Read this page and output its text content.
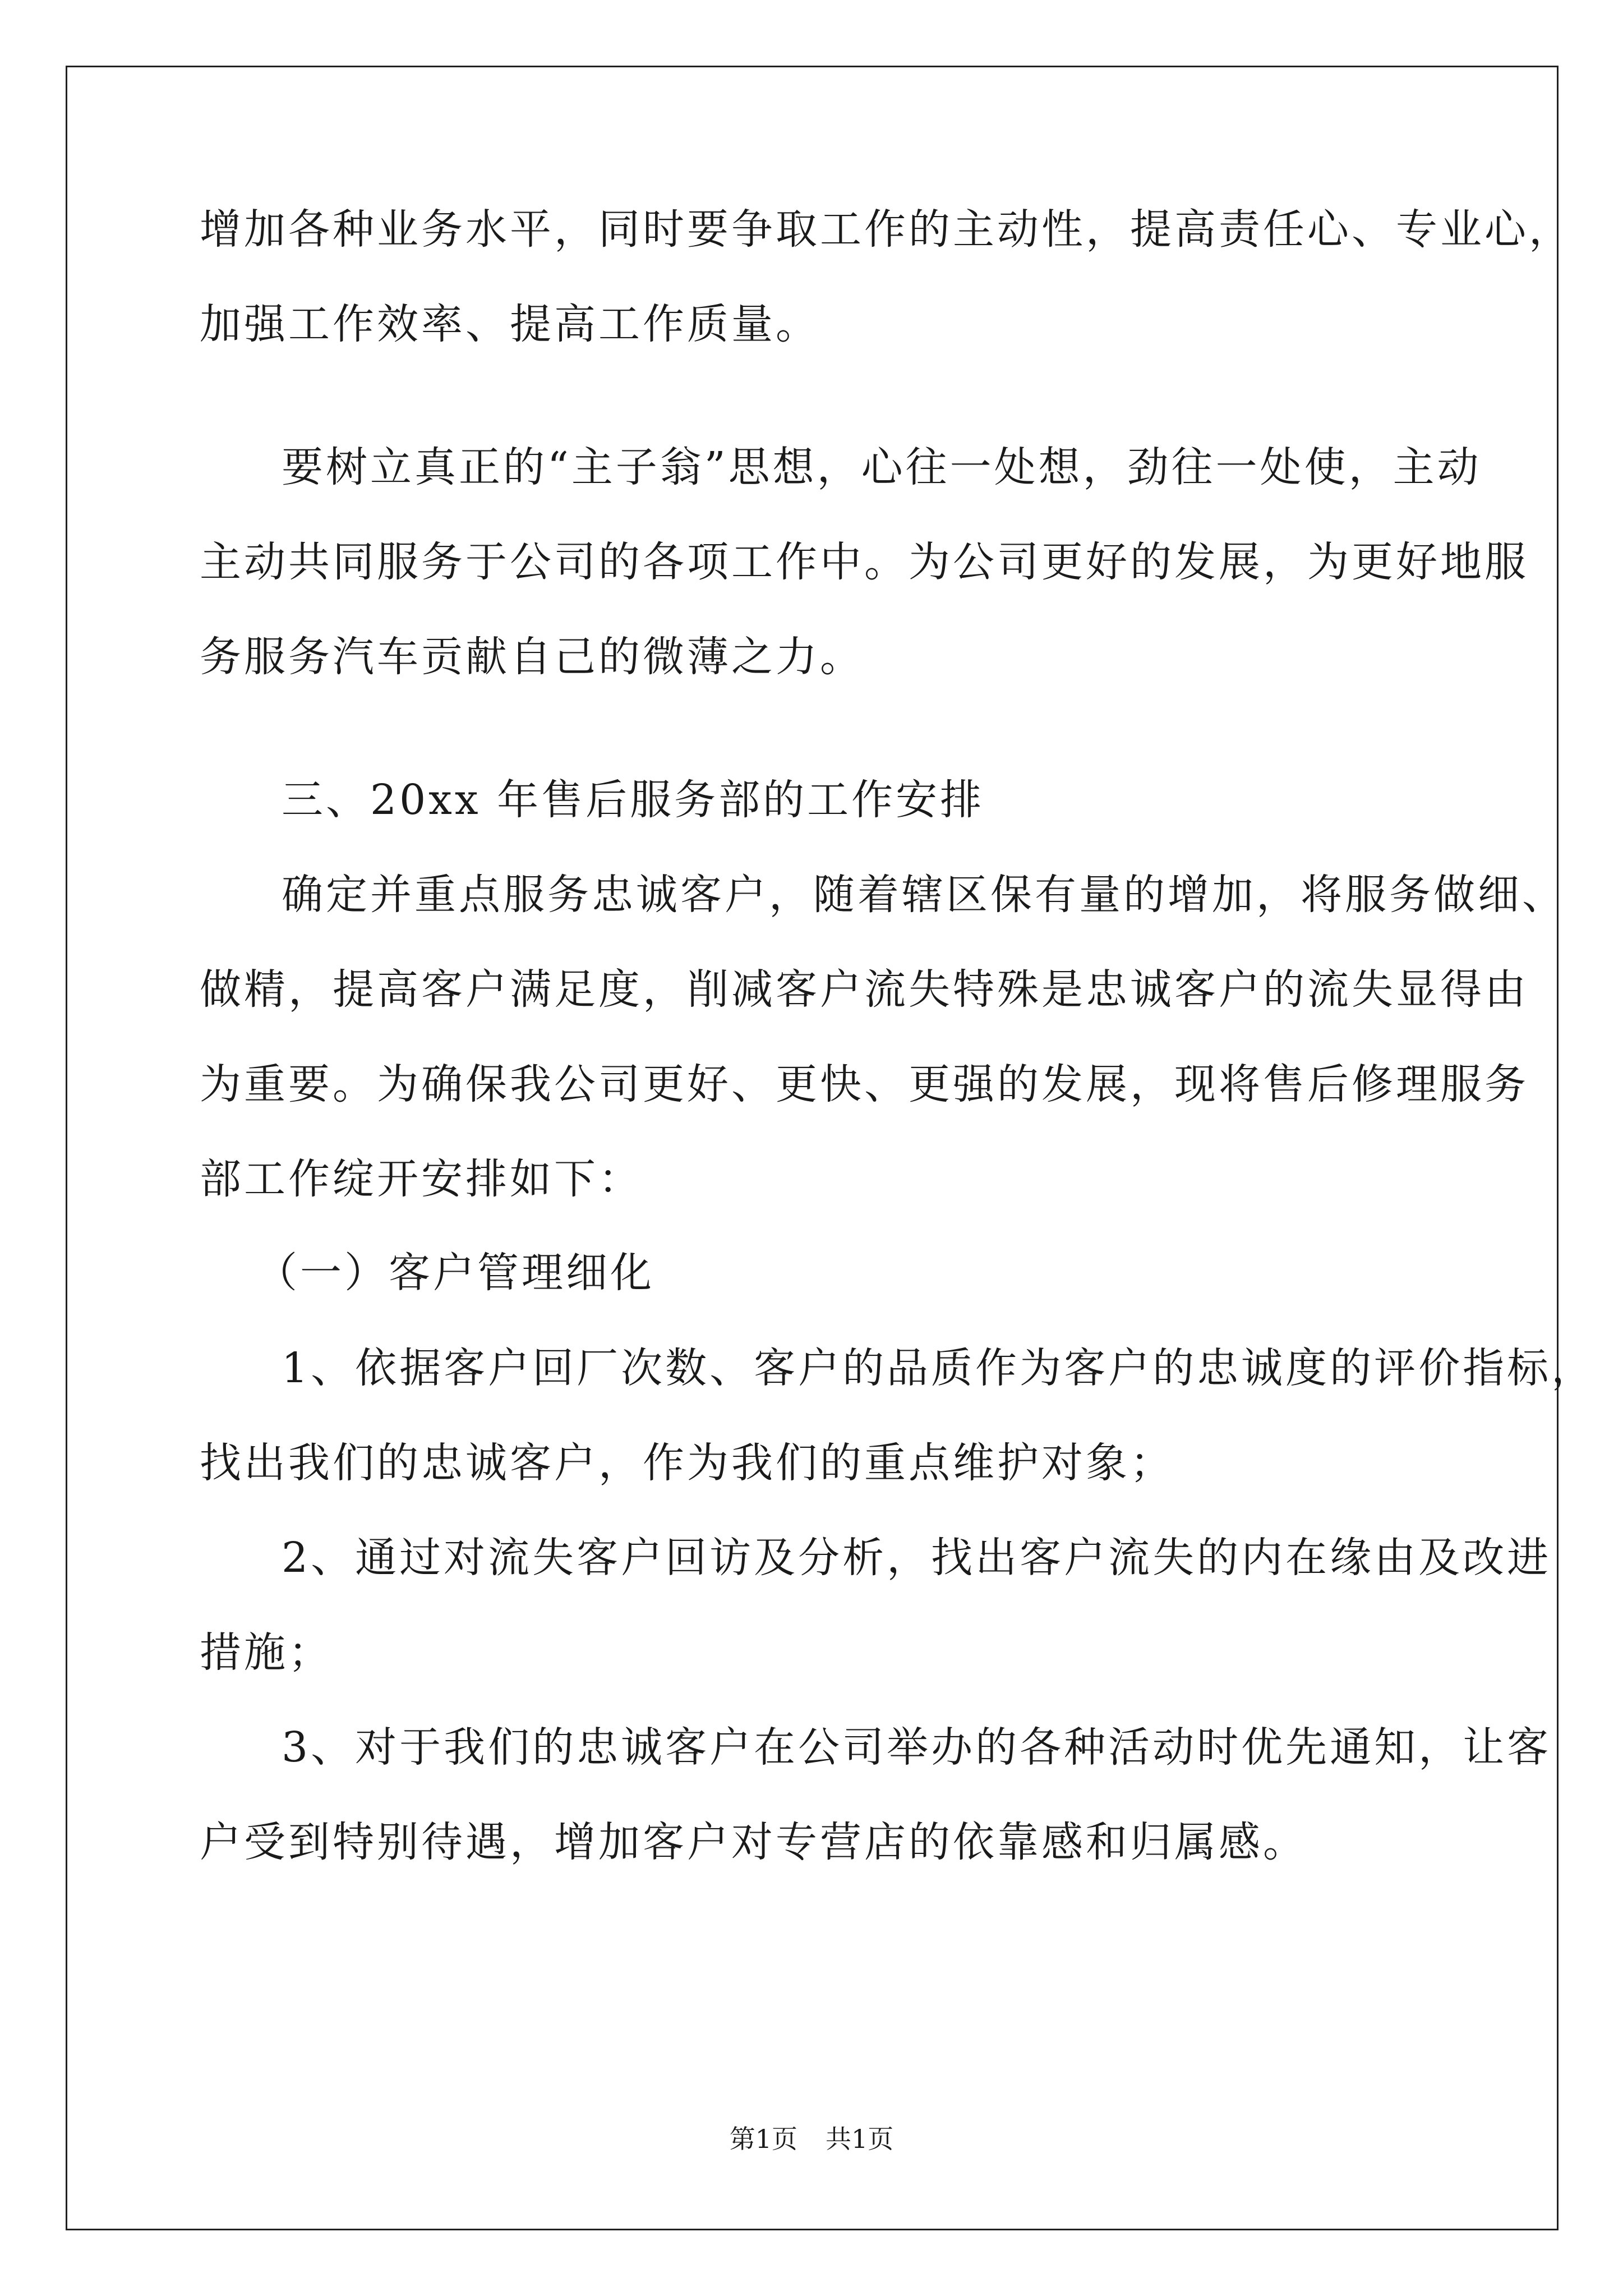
增加各种业务水平，同时要争取工作的主动性，提高责任心、专业心，

加强工作效率、提高工作质量。

要树立真正的“主子翁”思想，心往一处想，劲往一处使，主动

主动共同服务于公司的各项工作中。为公司更好的发展，为更好地服

务服务汽车贡献自己的微薄之力。

三、20xx 年售后服务部的工作安排

确定并重点服务忠诚客户，随着辖区保有量的增加，将服务做细、

做精，提高客户满足度，削减客户流失特殊是忠诚客户的流失显得由

为重要。为确保我公司更好、更快、更强的发展，现将售后修理服务

部工作绽开安排如下：

（一）客户管理细化

1、依据客户回厂次数、客户的品质作为客户的忠诚度的评价指标，

找出我们的忠诚客户，作为我们的重点维护对象；

2、通过对流失客户回访及分析，找出客户流失的内在缘由及改进

措施；

3、对于我们的忠诚客户在公司举办的各种活动时优先通知，让客

户受到特别待遇，增加客户对专营店的依靠感和归属感。

第1页 共1页
